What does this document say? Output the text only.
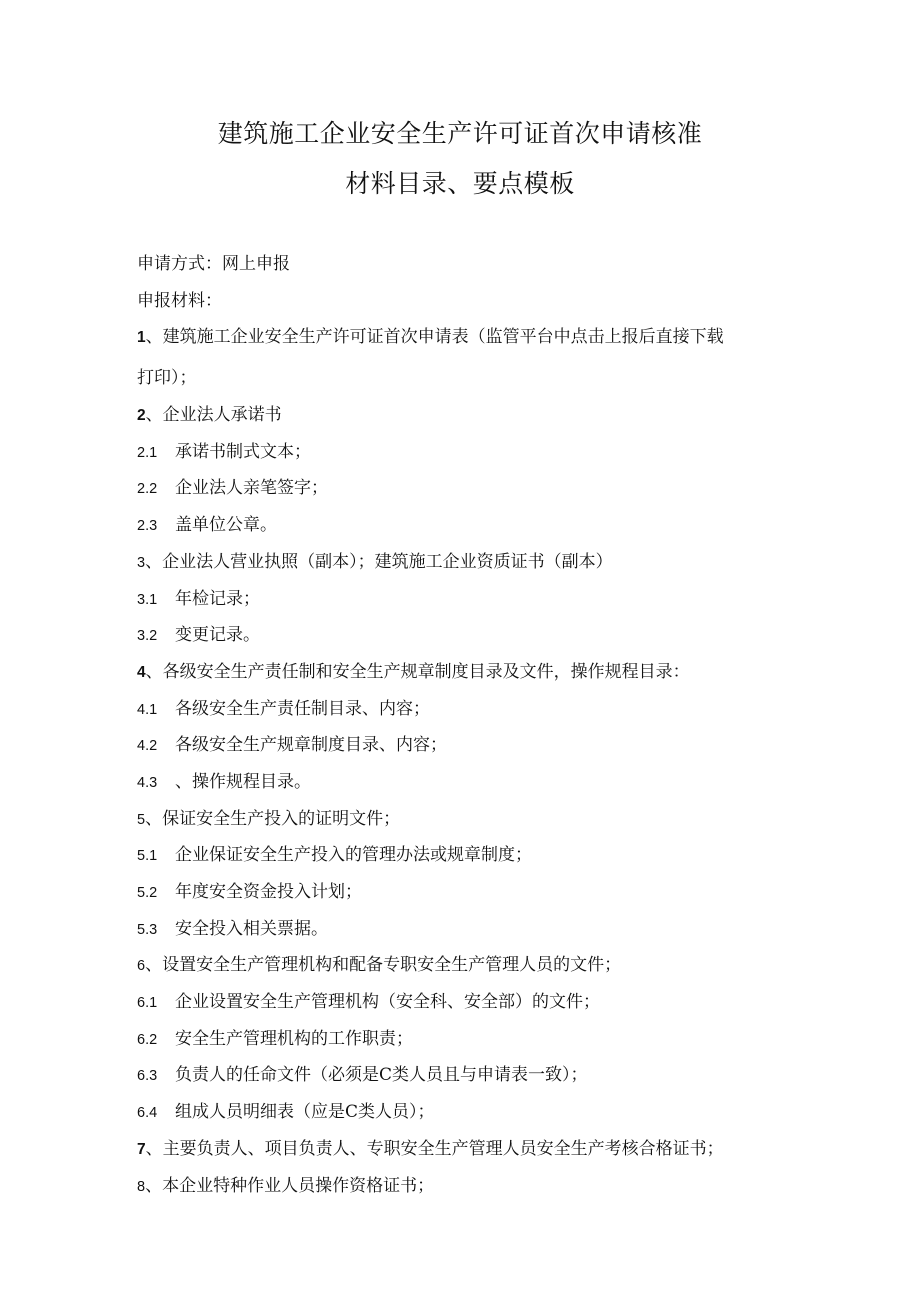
建筑施工企业安全生产许可证首次申请核准
材料目录、要点模板
申请方式：网上申报
申报材料：
1、建筑施工企业安全生产许可证首次申请表（监管平台中点击上报后直接下载
打印）；
2、企业法人承诺书
2.1 承诺书制式文本；
2.2 企业法人亲笔签字；
2.3 盖单位公章。
3、企业法人营业执照（副本）；建筑施工企业资质证书（副本）
3.1 年检记录；
3.2 变更记录。
4、各级安全生产责任制和安全生产规章制度目录及文件，操作规程目录：
4.1 各级安全生产责任制目录、内容；
4.2 各级安全生产规章制度目录、内容；
4.3 、操作规程目录。
5、保证安全生产投入的证明文件；
5.1 企业保证安全生产投入的管理办法或规章制度；
5.2 年度安全资金投入计划；
5.3 安全投入相关票据。
6、设置安全生产管理机构和配备专职安全生产管理人员的文件；
6.1 企业设置安全生产管理机构（安全科、安全部）的文件；
6.2 安全生产管理机构的工作职责；
6.3 负责人的任命文件（必须是C类人员且与申请表一致）；
6.4 组成人员明细表（应是C类人员）；
7、主要负责人、项目负责人、专职安全生产管理人员安全生产考核合格证书；
8、本企业特种作业人员操作资格证书；
